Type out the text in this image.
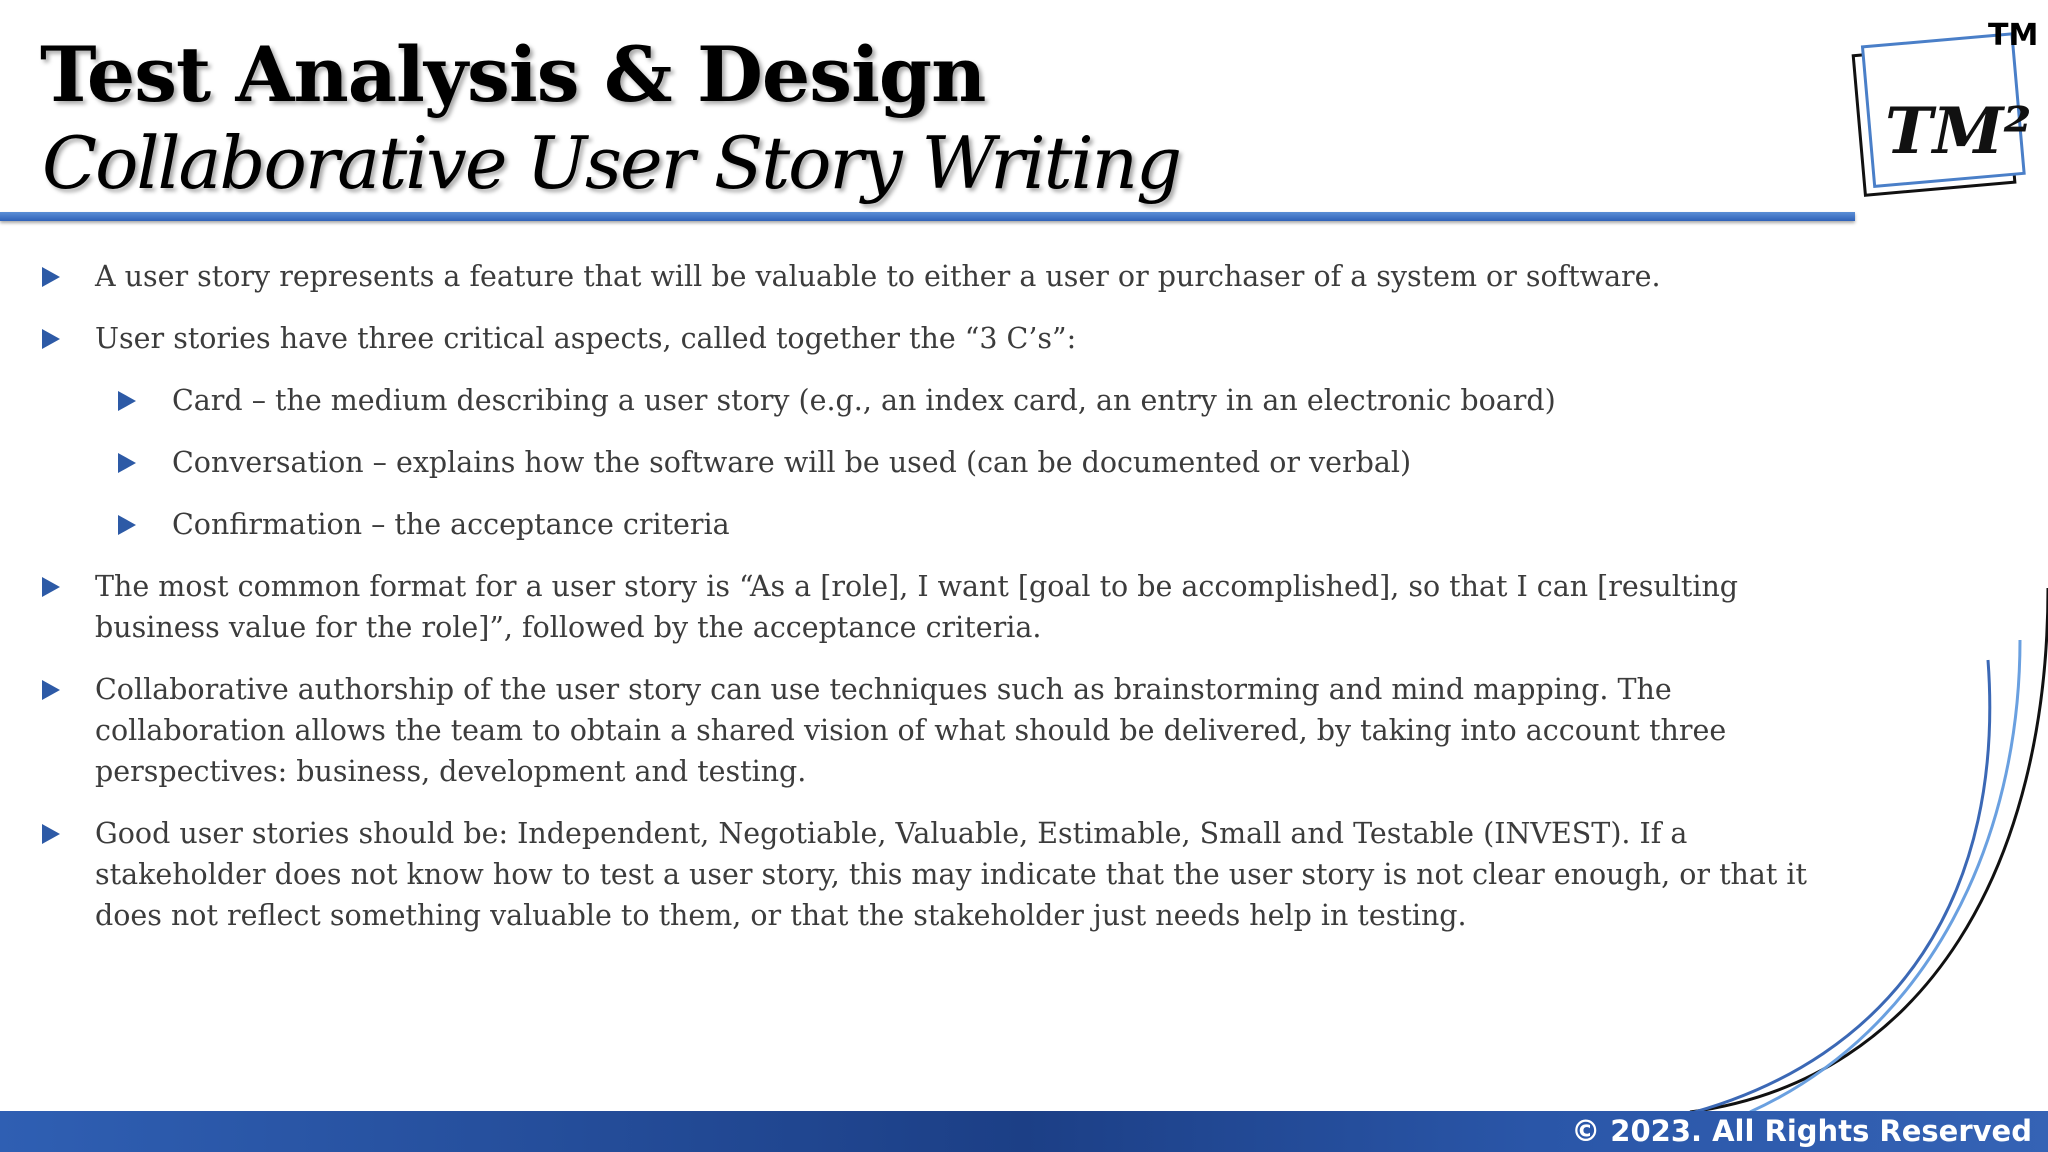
Test Analysis & Design
Collaborative User Story Writing	TM²
TM
A user story represents a feature that will be valuable to either a user or purchaser of a system or software.
User stories have three critical aspects, called together the “3 C’s”:
Card – the medium describing a user story (e.g., an index card, an entry in an electronic board)
Conversation – explains how the software will be used (can be documented or verbal)
Confirmation – the acceptance criteria
The most common format for a user story is “As a [role], I want [goal to be accomplished], so that I can [resulting business value for the role]”, followed by the acceptance criteria.
Collaborative authorship of the user story can use techniques such as brainstorming and mind mapping. The collaboration allows the team to obtain a shared vision of what should be delivered, by taking into account three perspectives: business, development and testing.
Good user stories should be: Independent, Negotiable, Valuable, Estimable, Small and Testable (INVEST). If a stakeholder does not know how to test a user story, this may indicate that the user story is not clear enough, or that it does not reflect something valuable to them, or that the stakeholder just needs help in testing.
© 2023. All Rights Reserved
